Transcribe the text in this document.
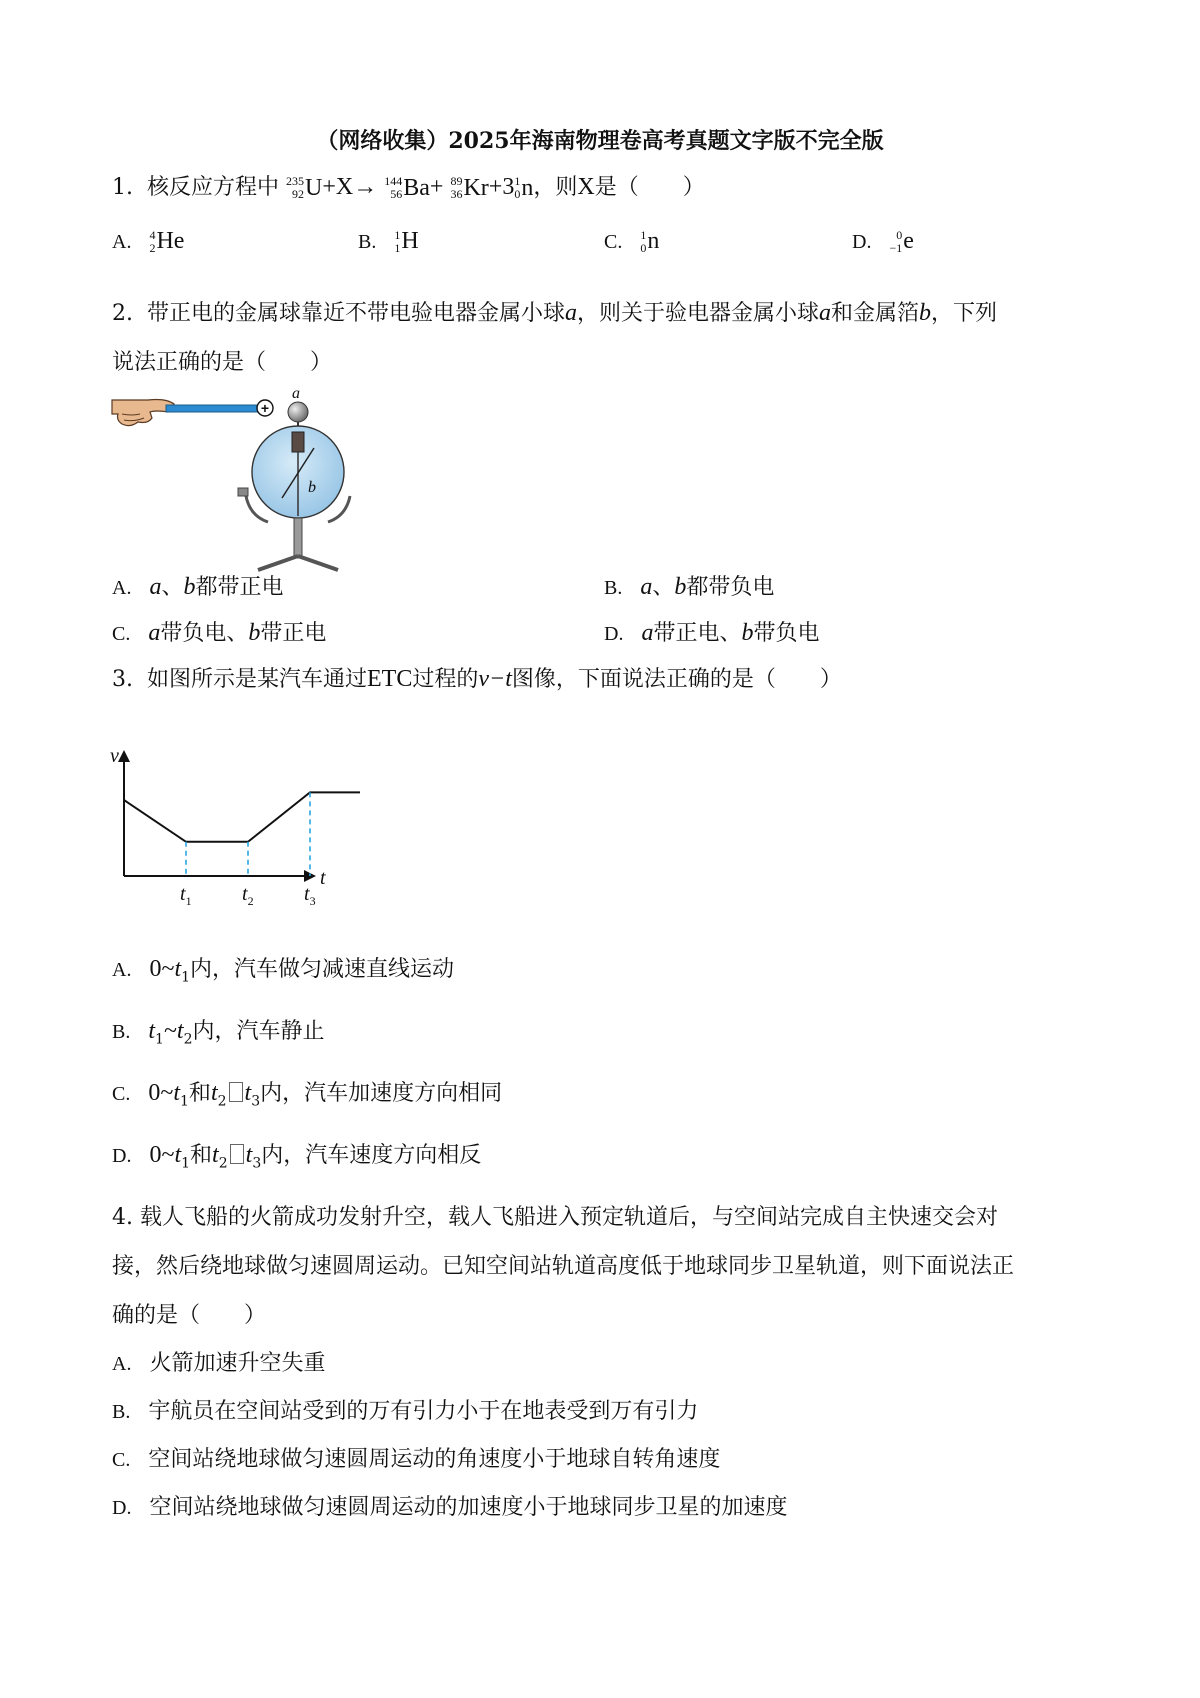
（网络收集）2025年海南物理卷高考真题文字版不完全版
1. 核反应方程中 235
92 U+X→ 144
56 Ba+ 89
36 Kr+3 1
0 n，则X是（　　）
A. 4
2 He	B. 1
1 H	C. 1
0 n	D. 0
−1 e
2. 带正电的金属球靠近不带电验电器金属小球a，则关于验电器金属小球a和金属箔b，下列
说法正确的是（　　）
+
a
b
A. a、b都带正电	B. a、b都带负电
C. a带负电、b带正电	D. a带正电、b带负电
3. 如图所示是某汽车通过ETC过程的v−t图像，下面说法正确的是（　　）
v
t
$t_1$	$t_2$	$t_3$
A. $0\sim t_1$内，汽车做匀减速直线运动
B. $t_1\sim t_2$内，汽车静止
C. $0\sim t_1$和$t_2$ $t_3$内，汽车加速度方向相同
D. $0\sim t_1$和$t_2$ $t_3$内，汽车速度方向相反
4. 载人飞船的火箭成功发射升空，载人飞船进入预定轨道后，与空间站完成自主快速交会对
接，然后绕地球做匀速圆周运动。已知空间站轨道高度低于地球同步卫星轨道，则下面说法正
确的是（　　）
A. 火箭加速升空失重
B. 宇航员在空间站受到的万有引力小于在地表受到万有引力
C. 空间站绕地球做匀速圆周运动的角速度小于地球自转角速度
D. 空间站绕地球做匀速圆周运动的加速度小于地球同步卫星的加速度
